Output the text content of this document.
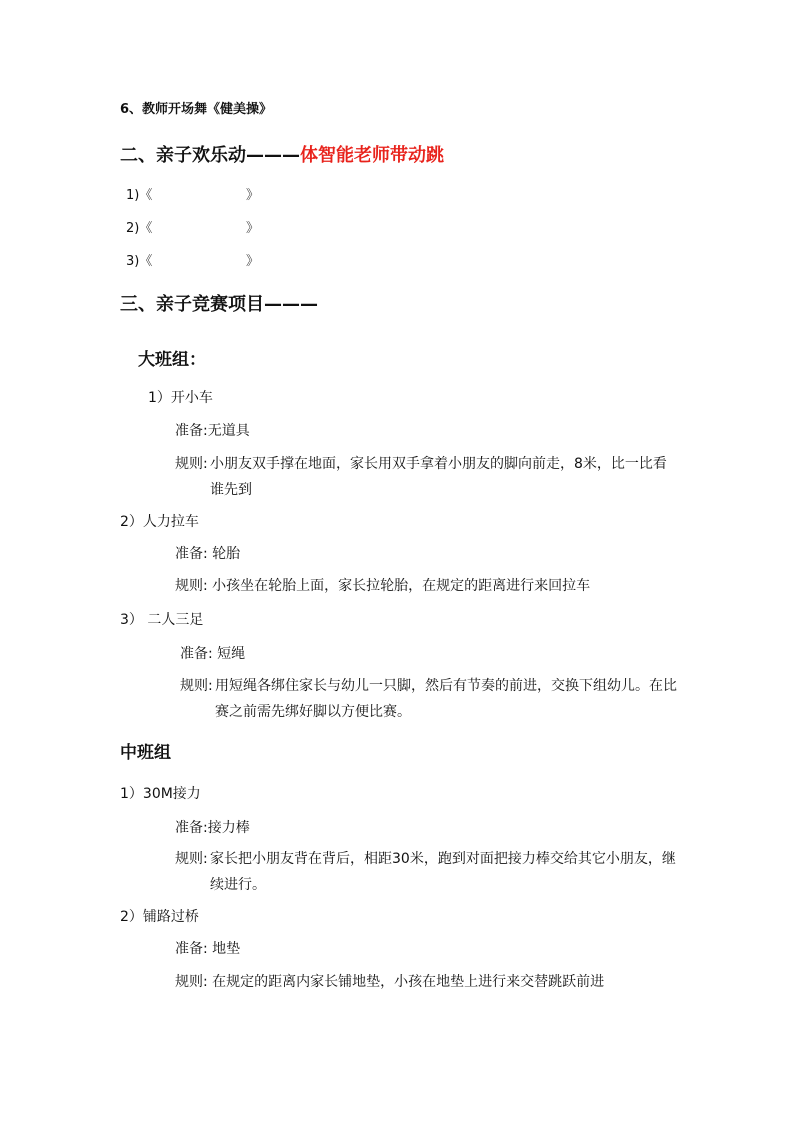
6、教师开场舞《健美操》
二、亲子欢乐动———体智能老师带动跳
1)《	》
2)《	》
3)《	》
三、亲子竞赛项目———
大班组：
1）开小车
准备:无道具
规则: 小朋友双手撑在地面，家长用双手拿着小朋友的脚向前走，8米，比一比看谁先到
2）人力拉车
准备: 轮胎
规则: 小孩坐在轮胎上面，家长拉轮胎，在规定的距离进行来回拉车
3） 二人三足
准备: 短绳
规则: 用短绳各绑住家长与幼儿一只脚，然后有节奏的前进，交换下组幼儿。在比赛之前需先绑好脚以方便比赛。
中班组
1）30M接力
准备:接力棒
规则: 家长把小朋友背在背后，相距30米，跑到对面把接力棒交给其它小朋友，继续进行。
2）铺路过桥
准备: 地垫
规则: 在规定的距离内家长铺地垫，小孩在地垫上进行来交替跳跃前进
